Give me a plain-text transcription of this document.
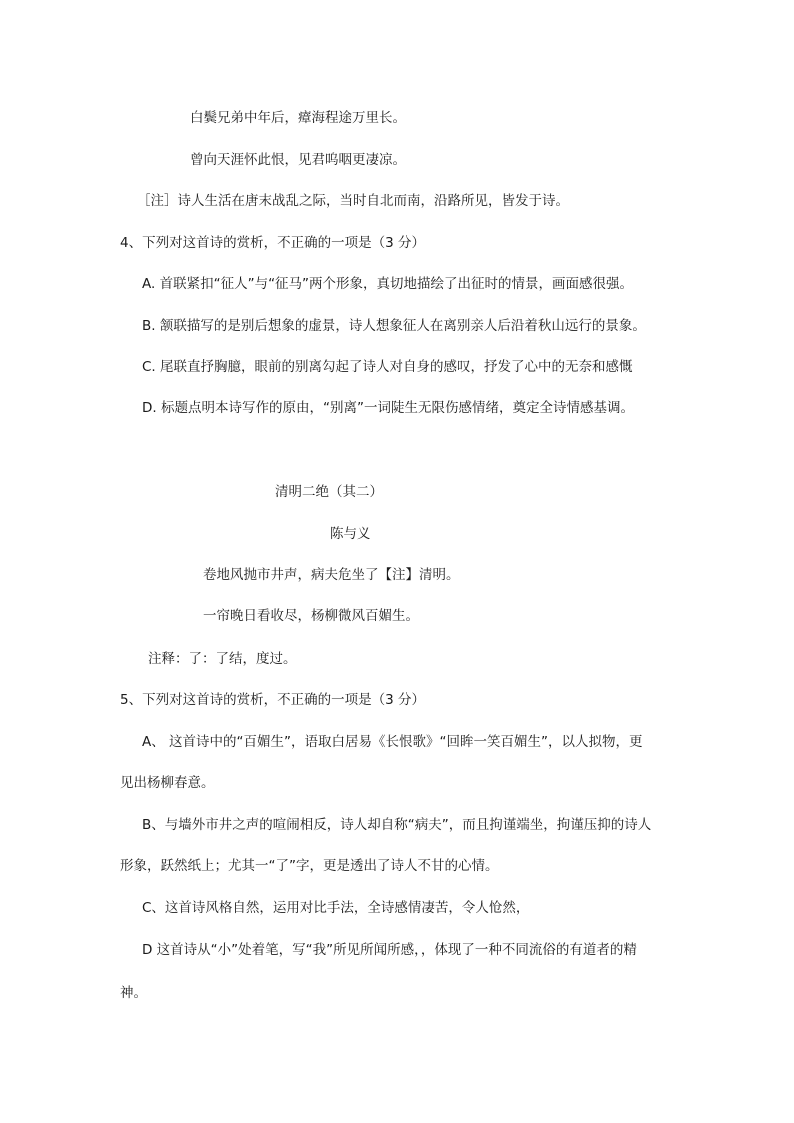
白鬓兄弟中年后，瘴海程途万里长。
曾向天涯怀此恨，见君呜咽更凄凉。
［注］诗人生活在唐末战乱之际，当时自北而南，沿路所见，皆发于诗。
4、下列对这首诗的赏析，不正确的一项是（3 分）
A. 首联紧扣“征人”与“征马”两个形象，真切地描绘了出征时的情景，画面感很强。
B. 颔联描写的是别后想象的虚景，诗人想象征人在离别亲人后沿着秋山远行的景象。
C. 尾联直抒胸臆，眼前的别离勾起了诗人对自身的感叹，抒发了心中的无奈和感慨
D. 标题点明本诗写作的原由，“别离”一词陡生无限伤感情绪，奠定全诗情感基调。
清明二绝（其二）
陈与义
卷地风抛市井声，病夫危坐了【注】清明。
一帘晚日看收尽，杨柳微风百媚生。
注释：了：了结，度过。
5、下列对这首诗的赏析，不正确的一项是（3 分）
A、 这首诗中的“百媚生”，语取白居易《长恨歌》“回眸一笑百媚生”，以人拟物，更
见出杨柳春意。
B、与墙外市井之声的喧闹相反，诗人却自称“病夫”，而且拘谨端坐，拘谨压抑的诗人
形象，跃然纸上；尤其一“了”字，更是透出了诗人不甘的心情。
C、这首诗风格自然，运用对比手法，全诗感情凄苦，令人怆然，
D 这首诗从“小”处着笔，写“我”所见所闻所感，，体现了一种不同流俗的有道者的精
神。
